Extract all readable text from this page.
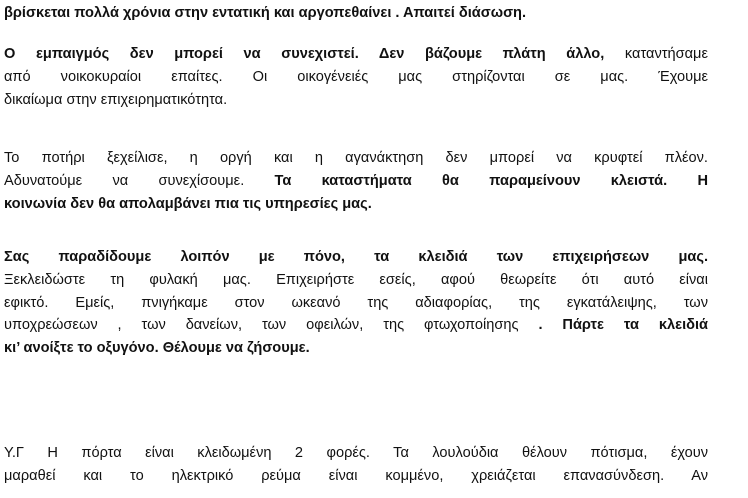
βρίσκεται πολλά χρόνια στην εντατική και αργοπεθαίνει . Απαιτεί διάσωση.
Ο εμπαιγμός δεν μπορεί να συνεχιστεί. Δεν βάζουμε πλάτη άλλο, καταντήσαμε
από νοικοκυραίοι επαίτες. Οι οικογένειές μας στηρίζονται σε μας. Έχουμε
δικαίωμα στην επιχειρηματικότητα.
Το ποτήρι ξεχείλισε, η οργή και η αγανάκτηση δεν μπορεί να κρυφτεί πλέον.
Αδυνατούμε να συνεχίσουμε. Τα καταστήματα θα παραμείνουν κλειστά. Η
κοινωνία δεν θα απολαμβάνει πια τις υπηρεσίες μας.
Σας παραδίδουμε λοιπόν με πόνο, τα κλειδιά των επιχειρήσεων μας.
Ξεκλειδώστε τη φυλακή μας. Επιχειρήστε εσείς, αφού θεωρείτε ότι αυτό είναι
εφικτό. Εμείς, πνιγήκαμε στον ωκεανό της αδιαφορίας, της εγκατάλειψης, των
υποχρεώσεων , των δανείων, των οφειλών, της φτωχοποίησης . Πάρτε τα κλειδιά
κι’ ανοίξτε το οξυγόνο. Θέλουμε να ζήσουμε.
Υ.Γ Η πόρτα είναι κλειδωμένη 2 φορές. Τα λουλούδια θέλουν πότισμα, έχουν
μαραθεί και το ηλεκτρικό ρεύμα είναι κομμένο, χρειάζεται επανασύνδεση. Αν
